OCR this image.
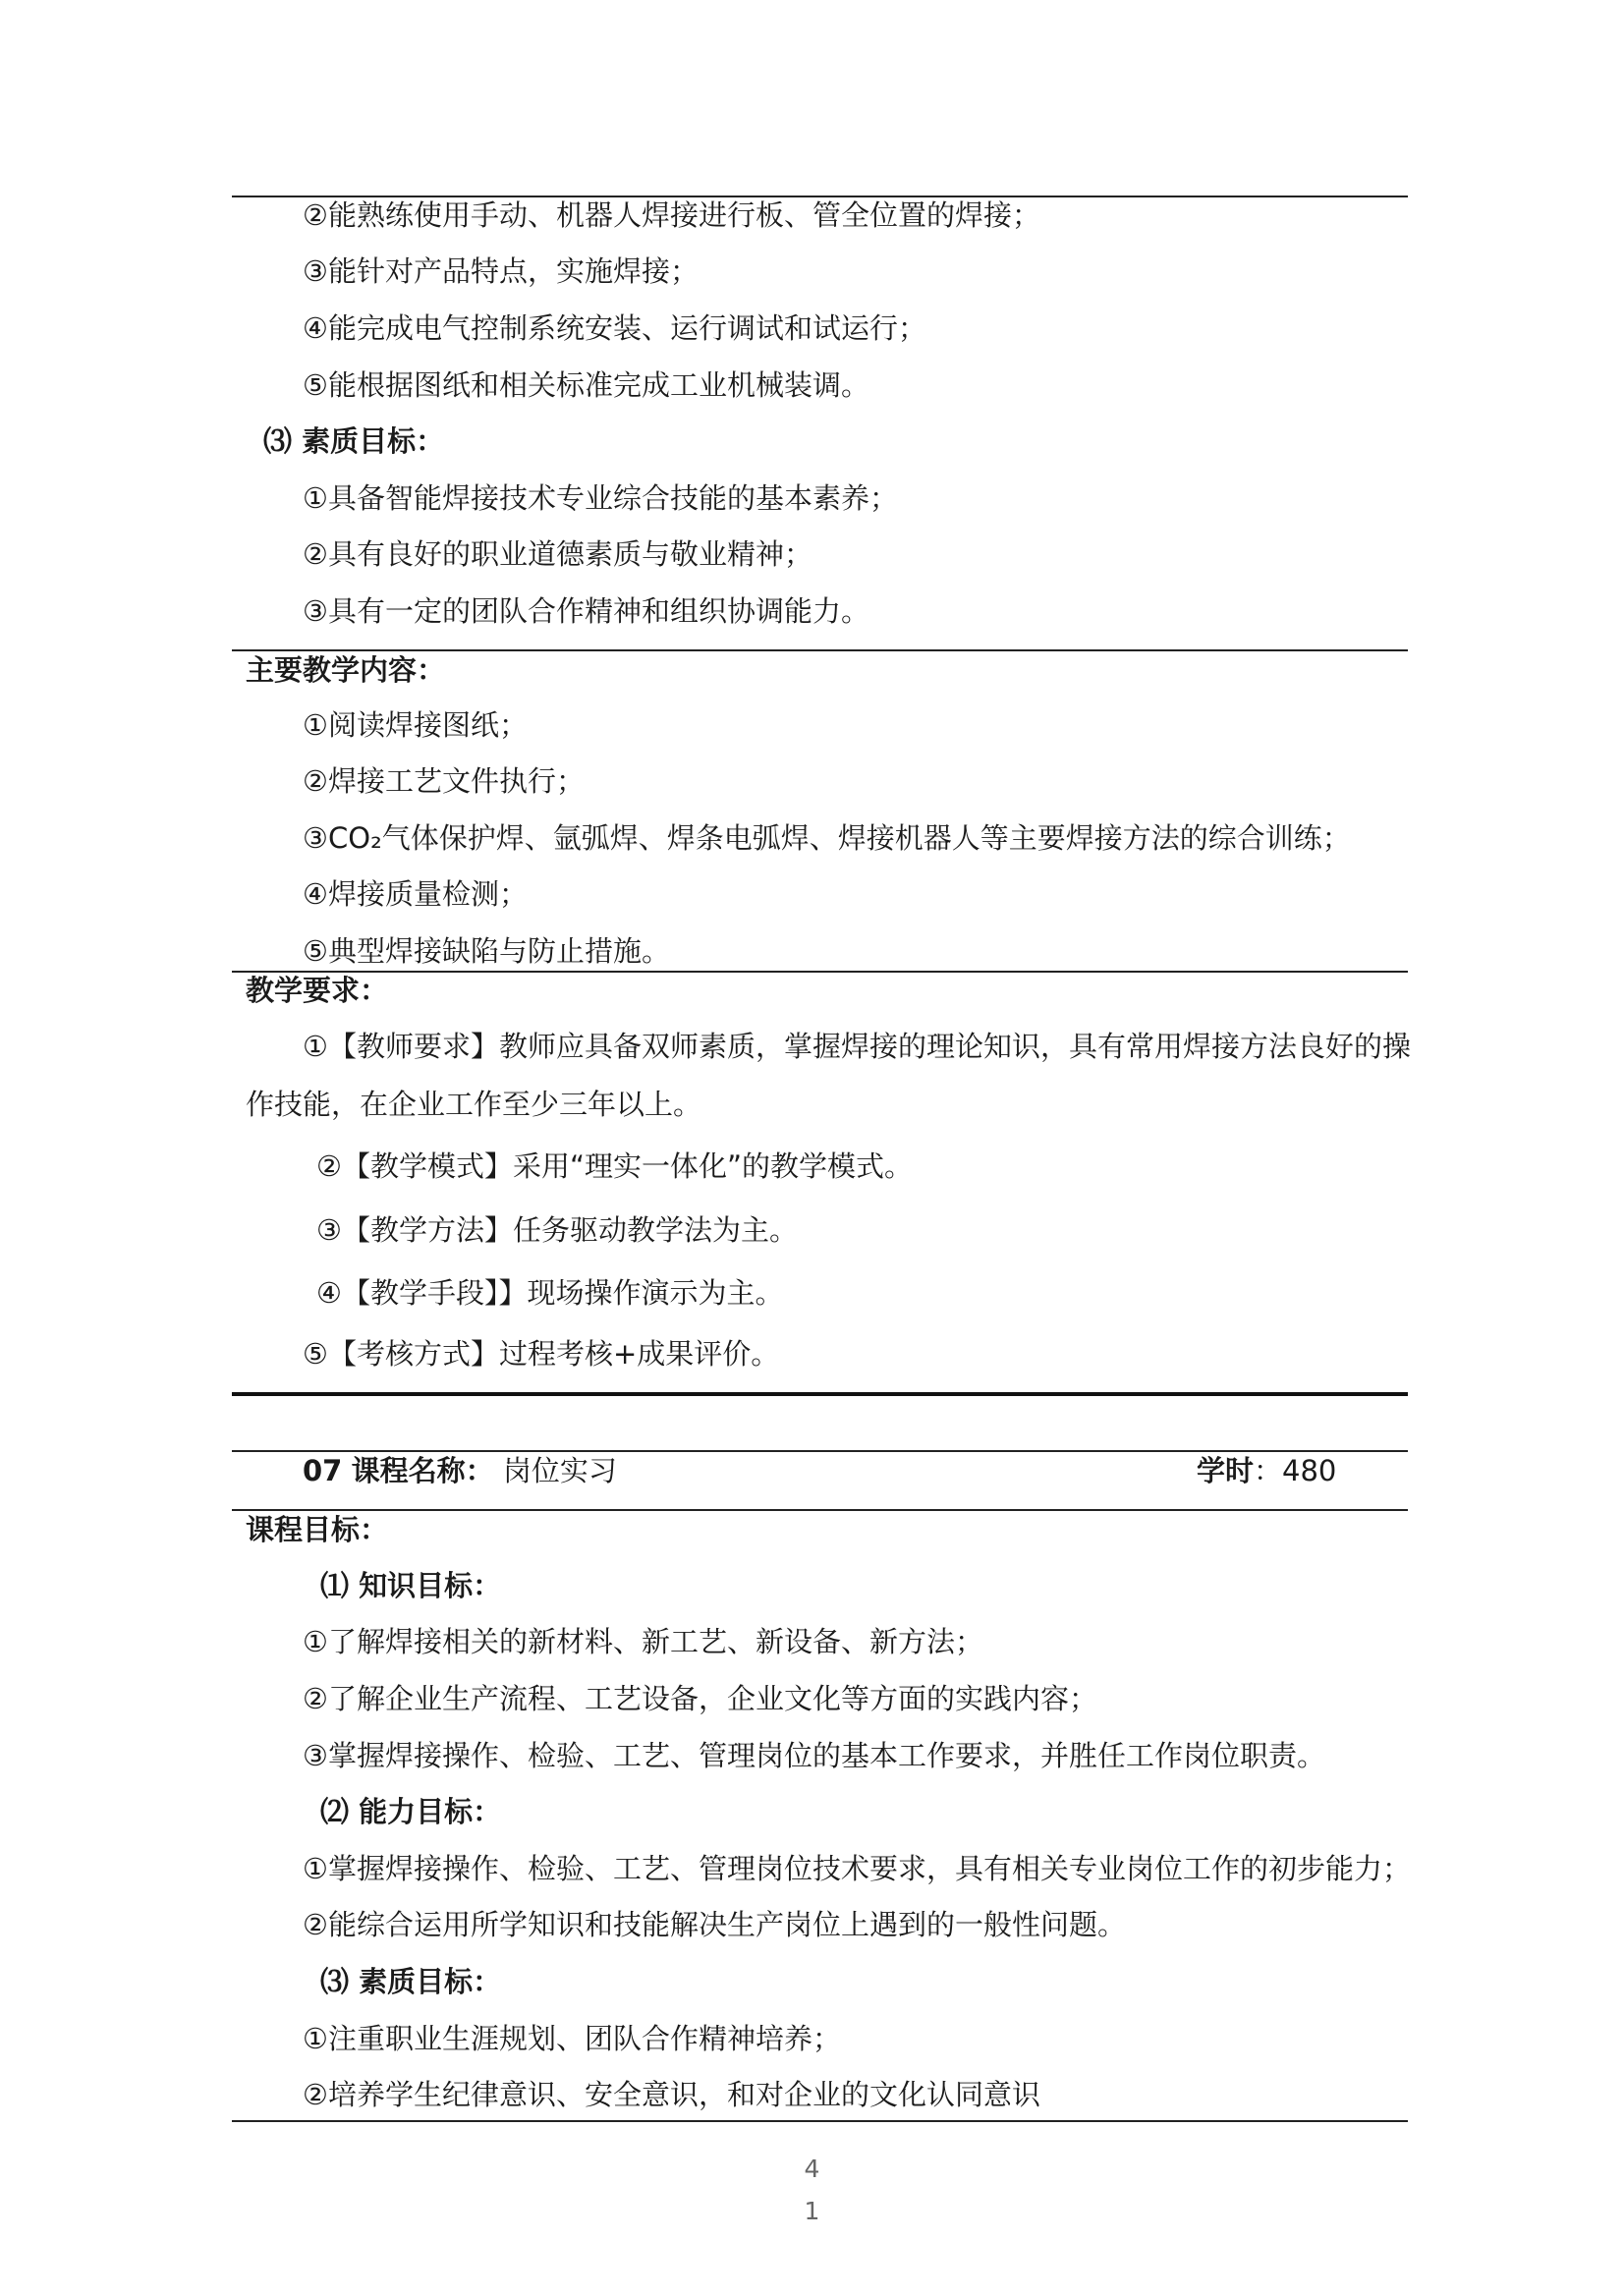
②能熟练使用手动、机器人焊接进行板、管全位置的焊接；
③能针对产品特点，实施焊接；
④能完成电气控制系统安装、运行调试和试运行；
⑤能根据图纸和相关标准完成工业机械装调。
⑶ 素质目标：
①具备智能焊接技术专业综合技能的基本素养；
②具有良好的职业道德素质与敬业精神；
③具有一定的团队合作精神和组织协调能力。
主要教学内容：
①阅读焊接图纸；
②焊接工艺文件执行；
③CO₂气体保护焊、氩弧焊、焊条电弧焊、焊接机器人等主要焊接方法的综合训练；
④焊接质量检测；
⑤典型焊接缺陷与防止措施。
教学要求：
①【教师要求】教师应具备双师素质，掌握焊接的理论知识，具有常用焊接方法良好的操
作技能，在企业工作至少三年以上。
②【教学模式】采用“理实一体化”的教学模式。
③【教学方法】任务驱动教学法为主。
④【教学手段】】现场操作演示为主。
⑤【考核方式】过程考核+成果评价。
07 课程名称： 岗位实习	学时：480
课程目标：
⑴ 知识目标：
①了解焊接相关的新材料、新工艺、新设备、新方法；
②了解企业生产流程、工艺设备，企业文化等方面的实践内容；
③掌握焊接操作、检验、工艺、管理岗位的基本工作要求，并胜任工作岗位职责。
⑵ 能力目标：
①掌握焊接操作、检验、工艺、管理岗位技术要求，具有相关专业岗位工作的初步能力；
②能综合运用所学知识和技能解决生产岗位上遇到的一般性问题。
⑶ 素质目标：
①注重职业生涯规划、团队合作精神培养；
②培养学生纪律意识、安全意识，和对企业的文化认同意识
4
1
